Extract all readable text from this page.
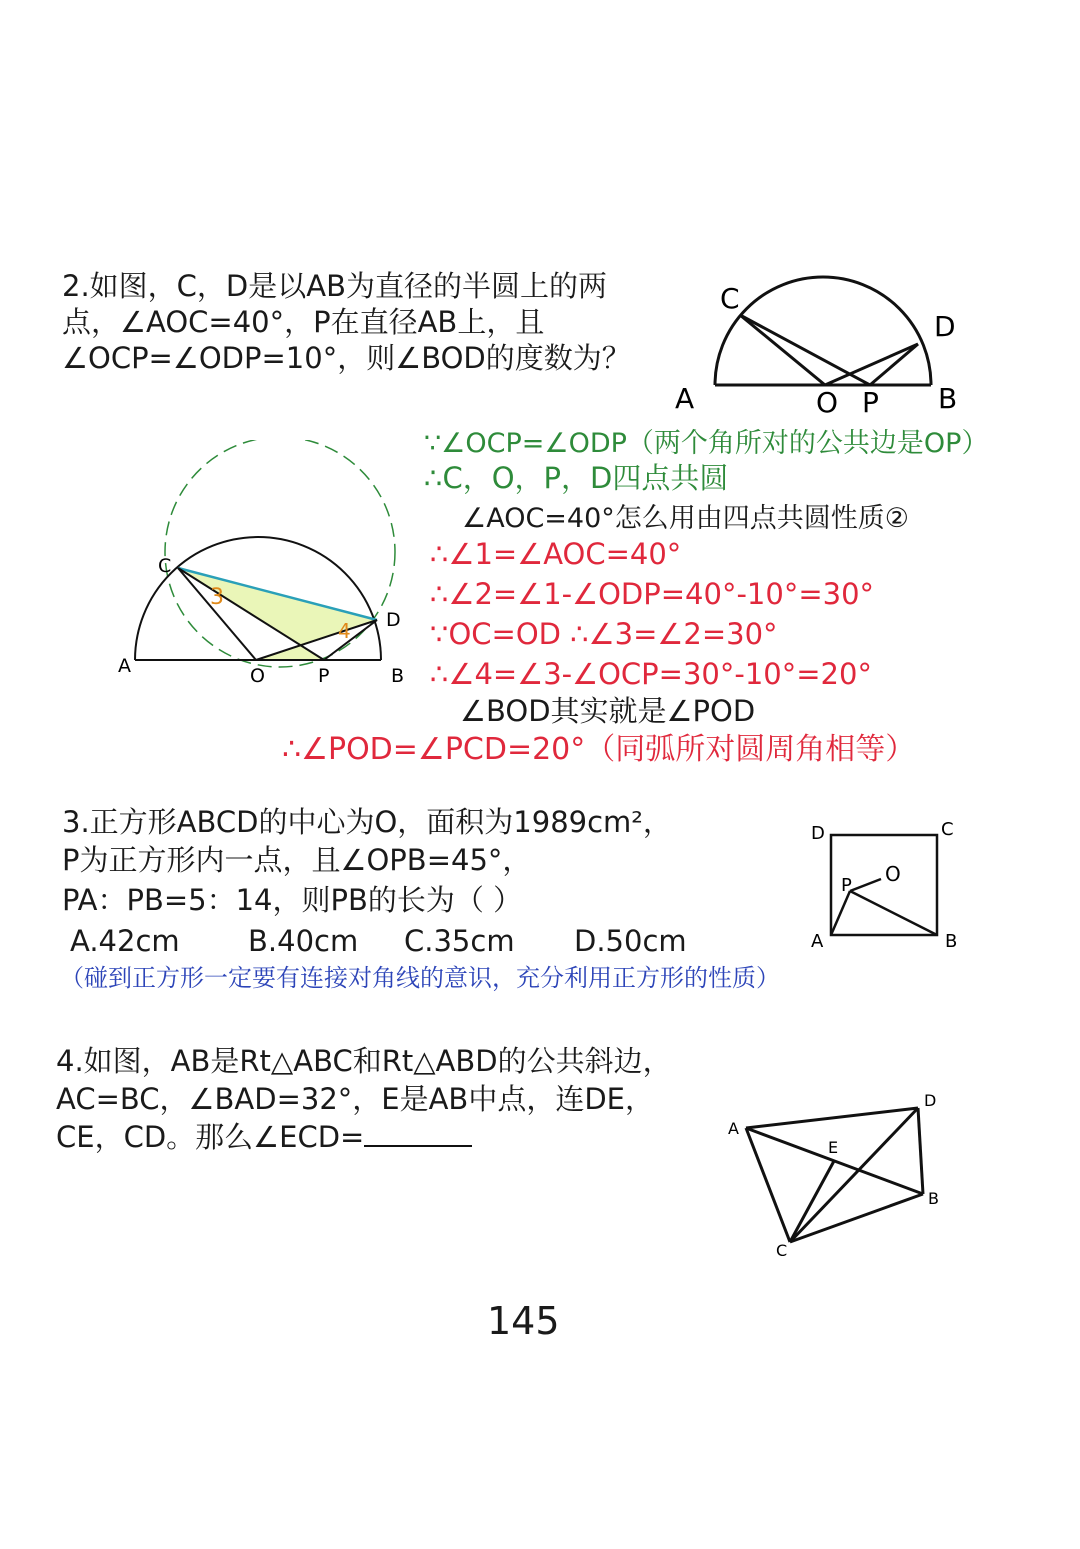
2.如图，C，D是以AB为直径的半圆上的两
点，∠AOC=40°，P在直径AB上，且
∠OCP=∠ODP=10°，则∠BOD的度数为？
C
D
A	O P B
C
D
A	O	P	B
3
4
∵∠OCP=∠ODP（两个角所对的公共边是OP）
∴C，O，P，D四点共圆
∠AOC=40°怎么用由四点共圆性质②
∴∠1=∠AOC=40°
∴∠2=∠1-∠ODP=40°-10°=30°
∵OC=OD ∴∠3=∠2=30°
∴∠4=∠3-∠OCP=30°-10°=20°
∠BOD其实就是∠POD
∴∠POD=∠PCD=20°（同弧所对圆周角相等）
3.正方形ABCD的中心为O，面积为1989cm²，
P为正方形内一点，且∠OPB=45°，
PA：PB=5：14，则PB的长为（ ）
A.42cm B.40cm C.35cm D.50cm
（碰到正方形一定要有连接对角线的意识，充分利用正方形的性质）
D	C
A	B
O
P
4.如图，AB是Rt△ABC和Rt△ABD的公共斜边，
AC=BC，∠BAD=32°，E是AB中点，连DE，
CE，CD。那么∠ECD=	A
D
E
B
C
145
